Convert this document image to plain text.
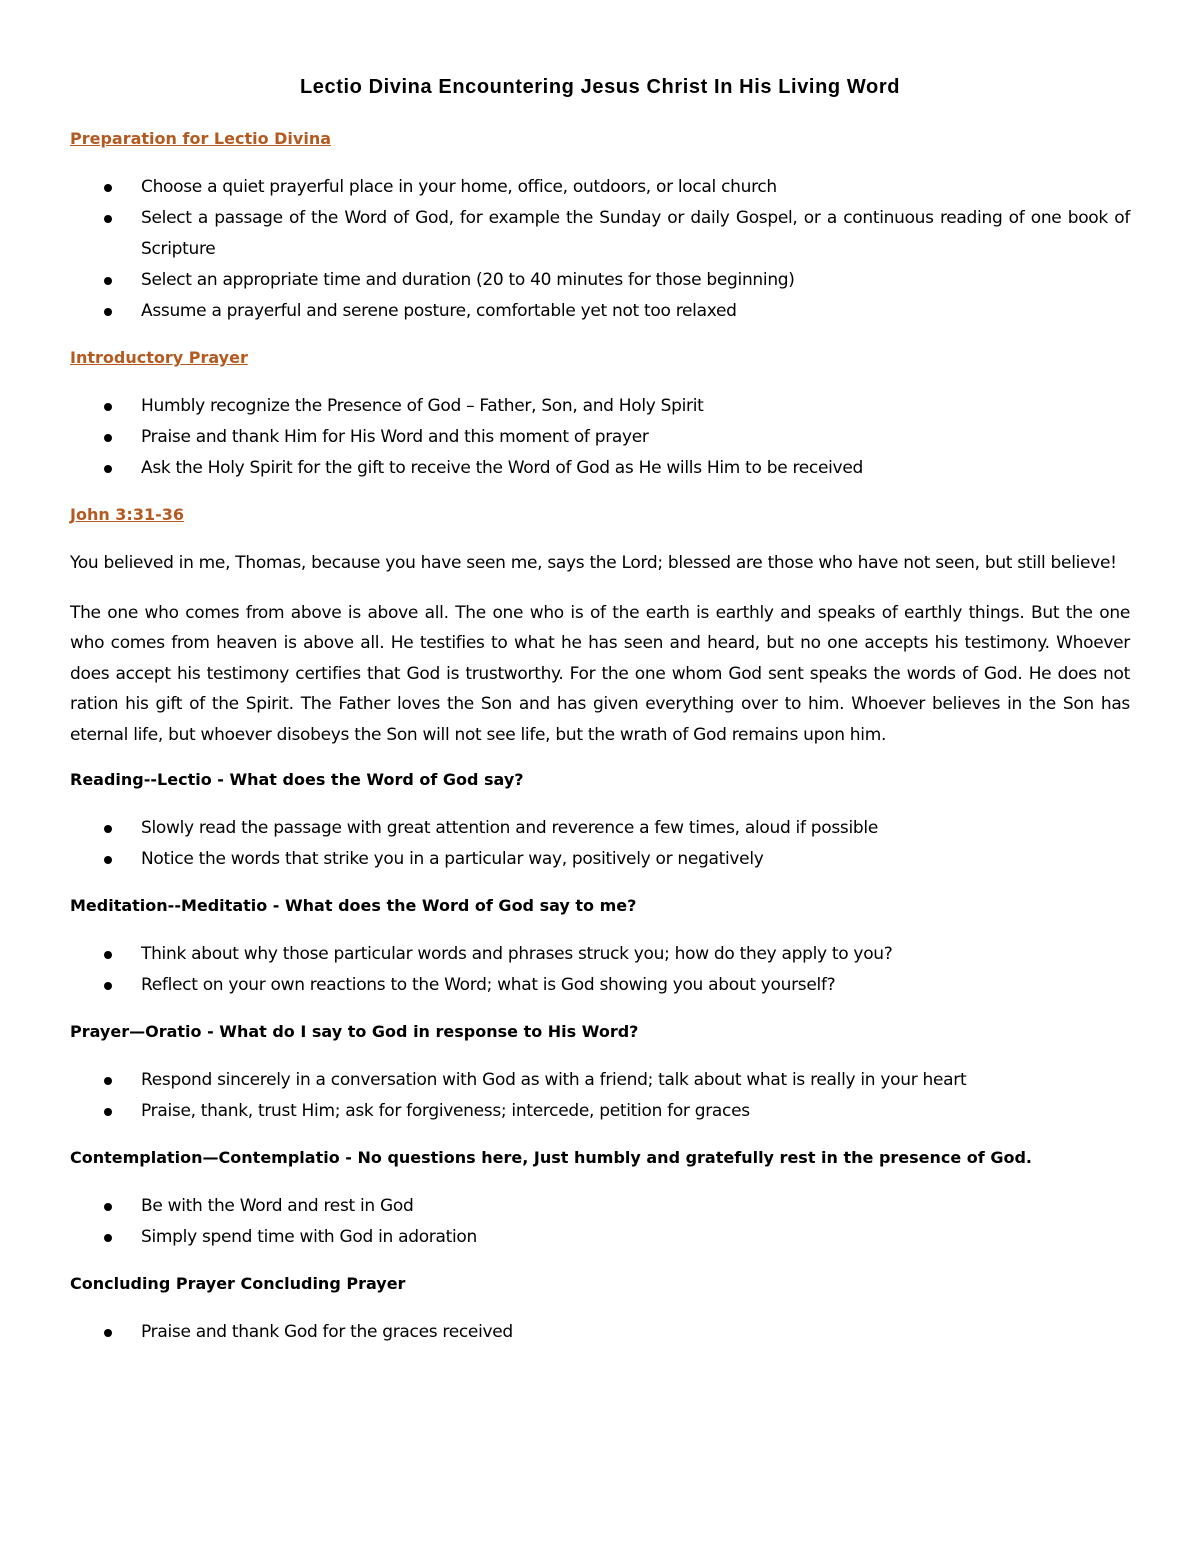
Lectio Divina Encountering Jesus Christ In His Living Word
Preparation for Lectio Divina
Choose a quiet prayerful place in your home, office, outdoors, or local church
Select a passage of the Word of God, for example the Sunday or daily Gospel, or a continuous reading of one book of Scripture
Select an appropriate time and duration (20 to 40 minutes for those beginning)
Assume a prayerful and serene posture, comfortable yet not too relaxed
Introductory Prayer
Humbly recognize the Presence of God – Father, Son, and Holy Spirit
Praise and thank Him for His Word and this moment of prayer
Ask the Holy Spirit for the gift to receive the Word of God as He wills Him to be received
John 3:31-36

You believed in me, Thomas, because you have seen me, says the Lord; blessed are those who have not seen, but still believe!

The one who comes from above is above all. The one who is of the earth is earthly and speaks of earthly things. But the one who comes from heaven is above all. He testifies to what he has seen and heard, but no one accepts his testimony. Whoever does accept his testimony certifies that God is trustworthy. For the one whom God sent speaks the words of God. He does not ration his gift of the Spirit. The Father loves the Son and has given everything over to him. Whoever believes in the Son has eternal life, but whoever disobeys the Son will not see life, but the wrath of God remains upon him.

Reading--Lectio - What does the Word of God say?
Slowly read the passage with great attention and reverence a few times, aloud if possible
Notice the words that strike you in a particular way, positively or negatively
Meditation--Meditatio - What does the Word of God say to me?
Think about why those particular words and phrases struck you; how do they apply to you?
Reflect on your own reactions to the Word; what is God showing you about yourself?
Prayer—Oratio - What do I say to God in response to His Word?
Respond sincerely in a conversation with God as with a friend; talk about what is really in your heart
Praise, thank, trust Him; ask for forgiveness; intercede, petition for graces
Contemplation—Contemplatio - No questions here, Just humbly and gratefully rest in the presence of God.
Be with the Word and rest in God
Simply spend time with God in adoration
Concluding Prayer Concluding Prayer
Praise and thank God for the graces received
